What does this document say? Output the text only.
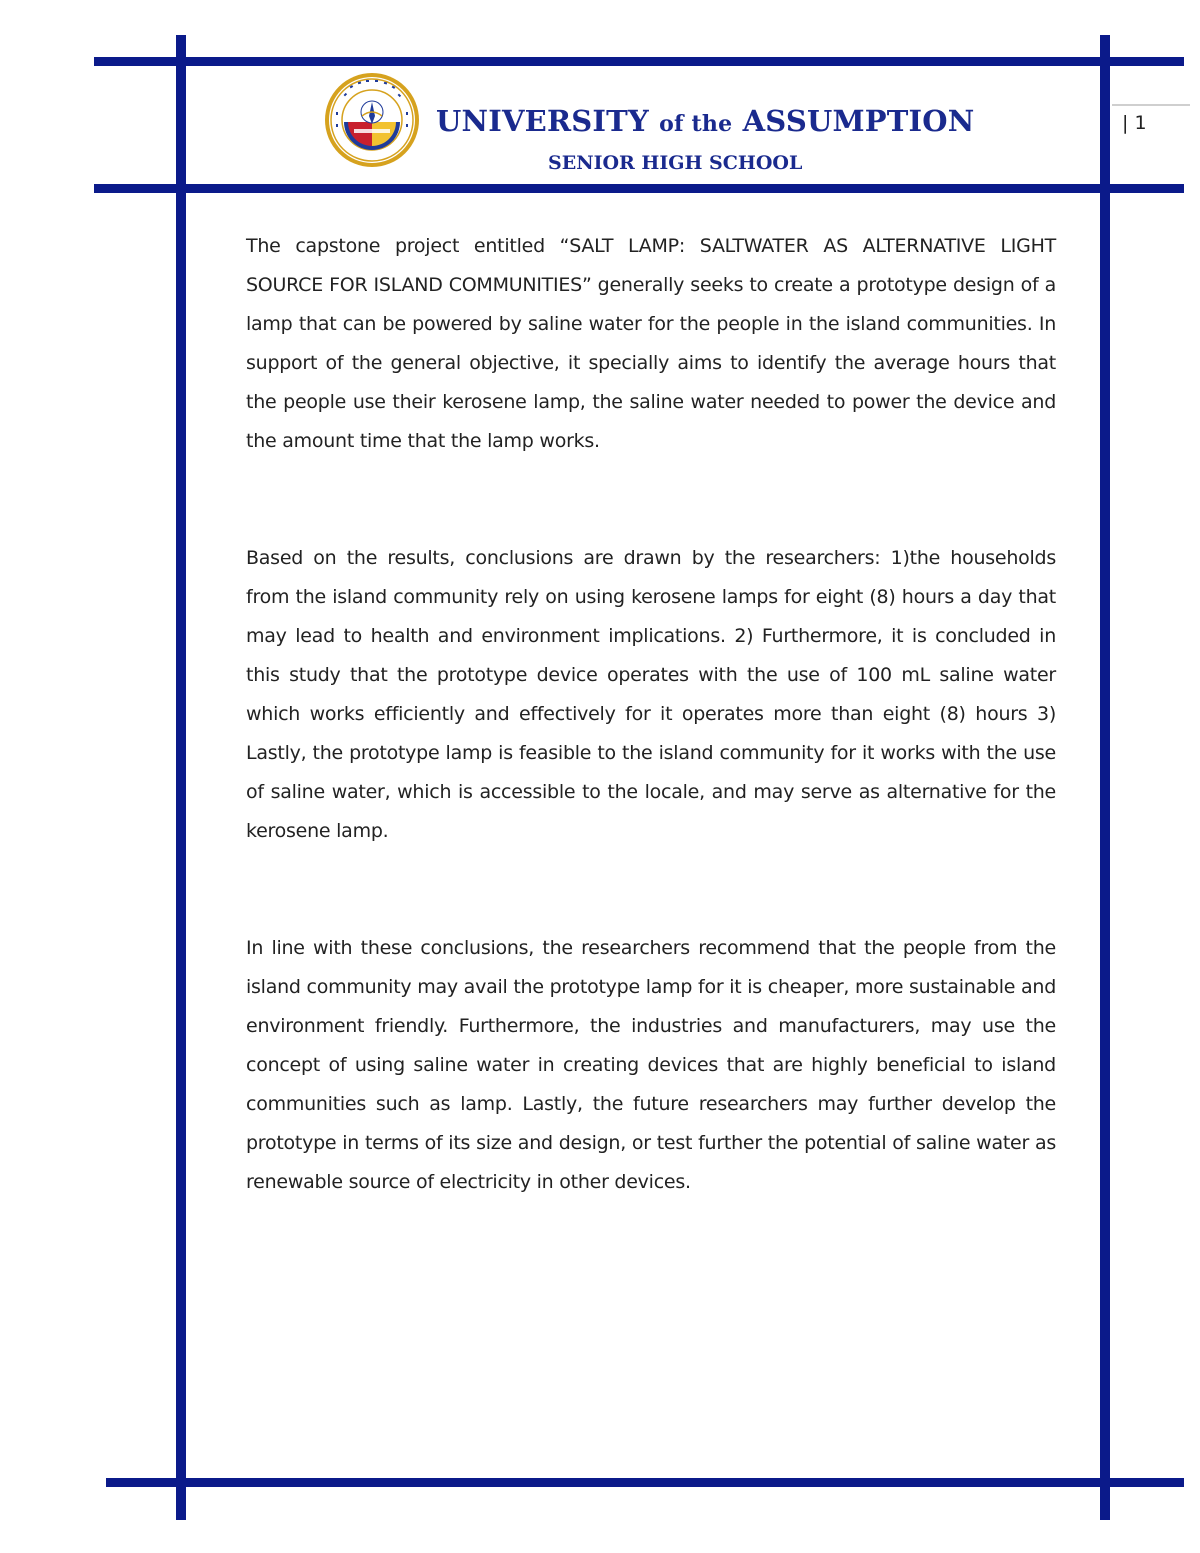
| 1
UNIVERSITY of the ASSUMPTION
SENIOR HIGH SCHOOL

The capstone project entitled “SALT LAMP: SALTWATER AS ALTERNATIVE LIGHT SOURCE FOR ISLAND COMMUNITIES” generally seeks to create a prototype design of a lamp that can be powered by saline water for the people in the island communities. In support of the general objective, it specially aims to identify the average hours that the people use their kerosene lamp, the saline water needed to power the device and the amount time that the lamp works.

Based on the results, conclusions are drawn by the researchers: 1)the households from the island community rely on using kerosene lamps for eight (8) hours a day that may lead to health and environment implications. 2) Furthermore, it is concluded in this study that the prototype device operates with the use of 100 mL saline water which works efficiently and effectively for it operates more than eight (8) hours 3) Lastly, the prototype lamp is feasible to the island community for it works with the use of saline water, which is accessible to the locale, and may serve as alternative for the kerosene lamp.

In line with these conclusions, the researchers recommend that the people from the island community may avail the prototype lamp for it is cheaper, more sustainable and environment friendly. Furthermore, the industries and manufacturers, may use the concept of using saline water in creating devices that are highly beneficial to island communities such as lamp. Lastly, the future researchers may further develop the prototype in terms of its size and design, or test further the potential of saline water as renewable source of electricity in other devices.
